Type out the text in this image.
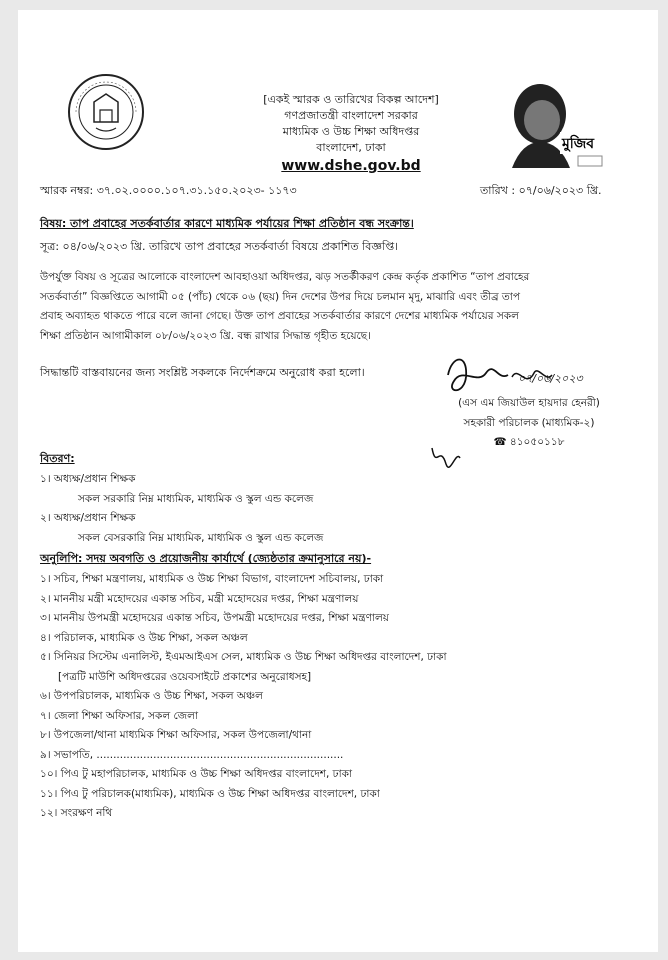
[একই স্মারক ও তারিখের বিকল্প আদেশ]
গণপ্রজাতন্ত্রী বাংলাদেশ সরকার
মাধ্যমিক ও উচ্চ শিক্ষা অধিদপ্তর
বাংলাদেশ, ঢাকা
www.dshe.gov.bd
মুজিব
স্মারক নম্বর: ৩৭.০২.০০০০.১০৭.৩১.১৫০.২০২৩- ১১৭৩	তারিখ : ০৭/০৬/২০২৩ খ্রি.
বিষয়: তাপ প্রবাহের সতর্কবার্তার কারণে মাধ্যমিক পর্যায়ের শিক্ষা প্রতিষ্ঠান বন্ধ সংক্রান্ত।
সূত্র: ০৪/০৬/২০২৩ খ্রি. তারিখে তাপ প্রবাহের সতর্কবার্তা বিষয়ে প্রকাশিত বিজ্ঞপ্তি।
উপর্যুক্ত বিষয় ও সূত্রের আলোকে বাংলাদেশ আবহাওয়া অধিদপ্তর, ঝড় সতর্কীকরণ কেন্দ্র কর্তৃক প্রকাশিত “তাপ প্রবাহের
সতর্কবার্তা” বিজ্ঞপ্তিতে আগামী ০৫ (পাঁচ) থেকে ০৬ (ছয়) দিন দেশের উপর দিয়ে চলমান মৃদু, মাঝারি এবং তীব্র তাপ
প্রবাহ অব্যাহত থাকতে পারে বলে জানা গেছে। উক্ত তাপ প্রবাহের সতর্কবার্তার কারণে দেশের মাধ্যমিক পর্যায়ের সকল
শিক্ষা প্রতিষ্ঠান আগামীকাল ০৮/০৬/২০২৩ খ্রি. বন্ধ রাখার সিদ্ধান্ত গৃহীত হয়েছে।
সিদ্ধান্তটি বাস্তবায়নের জন্য সংশ্লিষ্ট সকলকে নির্দেশক্রমে অনুরোধ করা হলো।	০৭/০৬/২০২৩
(এস এম জিয়াউল হায়দার হেনরী)
সহকারী পরিচালক (মাধ্যমিক-২)
☎ ৪১০৫০১১৮
বিতরণ:
১। অধ্যক্ষ/প্রধান শিক্ষক
সকল সরকারি নিম্ন মাধ্যমিক, মাধ্যমিক ও স্কুল এন্ড কলেজ
২। অধ্যক্ষ/প্রধান শিক্ষক
সকল বেসরকারি নিম্ন মাধ্যমিক, মাধ্যমিক ও স্কুল এন্ড কলেজ
অনুলিপি: সদয় অবগতি ও প্রয়োজনীয় কার্যার্থে (জ্যেষ্ঠতার ক্রমানুসারে নয়)-
১। সচিব, শিক্ষা মন্ত্রণালয়, মাধ্যমিক ও উচ্চ শিক্ষা বিভাগ, বাংলাদেশ সচিবালয়, ঢাকা
২। মাননীয় মন্ত্রী মহোদয়ের একান্ত সচিব, মন্ত্রী মহোদয়ের দপ্তর, শিক্ষা মন্ত্রণালয়
৩। মাননীয় উপমন্ত্রী মহোদয়ের একান্ত সচিব, উপমন্ত্রী মহোদয়ের দপ্তর, শিক্ষা মন্ত্রণালয়
৪। পরিচালক, মাধ্যমিক ও উচ্চ শিক্ষা, সকল অঞ্চল
৫। সিনিয়র সিস্টেম এনালিস্ট, ইএমআইএস সেল, মাধ্যমিক ও উচ্চ শিক্ষা অধিদপ্তর বাংলাদেশ, ঢাকা
[পত্রটি মাউশি অধিদপ্তরের ওয়েবসাইটে প্রকাশের অনুরোধসহ]
৬। উপপরিচালক, মাধ্যমিক ও উচ্চ শিক্ষা, সকল অঞ্চল
৭। জেলা শিক্ষা অফিসার, সকল জেলা
৮। উপজেলা/থানা মাধ্যমিক শিক্ষা অফিসার, সকল উপজেলা/থানা
৯। সভাপতি, ..........................................................................
১০। পিএ টু মহাপরিচালক, মাধ্যমিক ও উচ্চ শিক্ষা অধিদপ্তর বাংলাদেশ, ঢাকা
১১। পিএ টু পরিচালক(মাধ্যমিক), মাধ্যমিক ও উচ্চ শিক্ষা অধিদপ্তর বাংলাদেশ, ঢাকা
১২। সংরক্ষণ নথি
